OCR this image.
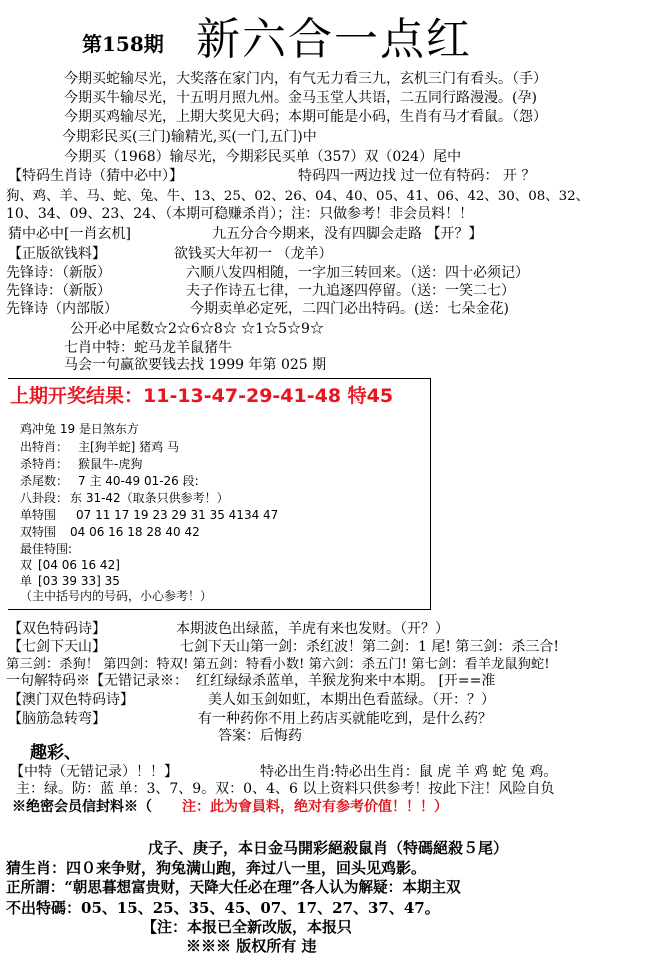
第158期 新六合一点红
今期买蛇输尽光，大奖落在家门内，有气无力看三九，玄机三门有看头。（手）
今期买牛输尽光，十五明月照九州。金马玉堂人共语，二五同行路漫漫。(孕)
今期买鸡输尽光，上期大奖见大码；本期可能是小码，生肖有马才看鼠。（怨）
今期彩民买(三门)输精光,买(一门,五门)中
今期买（1968）输尽光，今期彩民买单（357）双（024）尾中
【特码生肖诗（猜中必中）】	特码四一两边找 过一位有特码： 开 ？
狗、鸡、羊、马、蛇、兔、牛、13、25、02、26、04、40、05、41、06、42、30、08、32、
10、34、09、23、24、（本期可稳赚杀肖）；注：只做参考！非会员料！！
猜中必中[一肖玄机]	九五分合今期来，没有四脚会走路 【开？】
【正版欲钱料】	欲钱买大年初一 （龙羊）
先锋诗：（新版）	六顺八发四相随，一字加三转回来。（送：四十必须记）
先锋诗：（新版）	夫子作诗五七律，一九追逐四停留。（送：一笑二七）
先锋诗（内部版）	今期卖单必定死，二四门必出特码。(送：七朵金花)
公开必中尾数☆2☆6☆8☆ ☆1☆5☆9☆
七肖中特：蛇马龙羊鼠猪牛
马会一句赢欲要钱去找 1999 年第 025 期
上期开奖结果：11-13-47-29-41-48 特45
鸡冲兔 19 是日煞东方
出特肖： 主[狗羊蛇] 猪鸡 马
杀特肖： 猴鼠牛-虎狗
杀尾数： 7 主 40-49 01-26 段:
八卦段： 东 31-42（取条只供参考！）
单特围 07 11 17 19 23 29 31 35 4134 47
双特围 04 06 16 18 28 40 42
最佳特围:
双 [04 06 16 42]
单 [03 39 33] 35
（主中括号内的号码，小心参考！）
【双色特码诗】	本期波色出绿蓝，羊虎有来也发财。（开？）
【七剑下天山】	七剑下天山第一剑：杀红波！第二剑：1 尾! 第三剑：杀三合!
第三剑：杀狗！ 第四剑：特双! 第五剑：特看小数! 第六剑：杀五门! 第七剑：看羊龙鼠狗蛇!
一句解特码※【无错记录※： 红红绿绿杀蓝单，羊猴龙狗来中本期。 [开==准
【澳门双色特码诗】	美人如玉剑如虹，本期出色看蓝绿。（开：？）
【脑筋急转弯】	有一种药你不用上药店买就能吃到，是什么药？
答案：后悔药
趣彩、
【中特（无错记录）！！】	特必出生肖:特必出生肖：鼠 虎 羊 鸡 蛇 兔 鸡。
主：绿。防：蓝 单：3、7、9。双：0、4、6 以上资料只供参考！按此下注！风险自负
※绝密会员信封料※（ 注：此为會員料，绝对有参考价值！！！）
戊子、庚子，本日金马開彩絕殺鼠肖（特碼絕殺５尾）
猜生肖：四０来争财，狗兔满山跑，奔过八一里，回头见鸡影。
正所謂：“朝思暮想富贵财，天降大任必在理”各人认为解疑：本期主双
不出特碼：05、15、25、35、45、07、17、27、37、47。
【注：本报已全新改版，本报只
※※※ 版权所有 违
